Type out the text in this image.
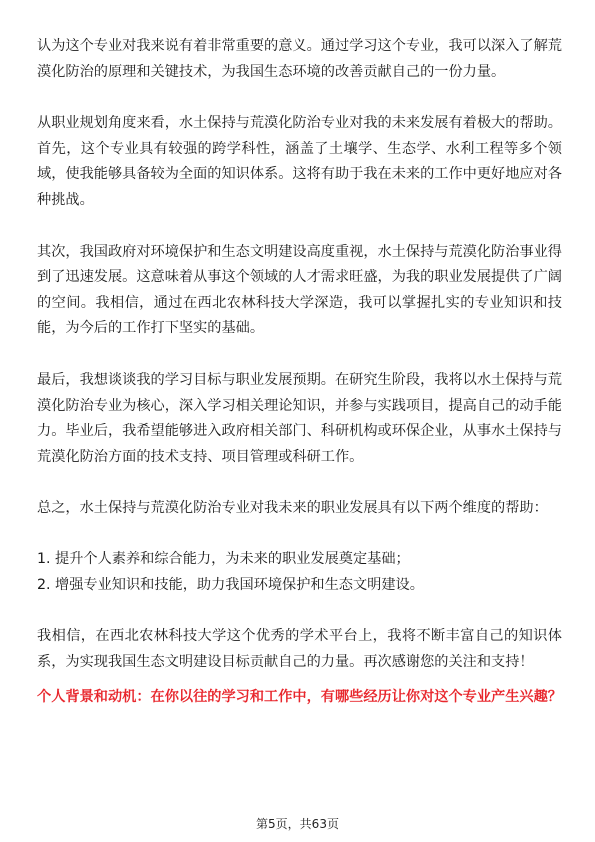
认为这个专业对我来说有着非常重要的意义。通过学习这个专业，我可以深入了解荒漠化防治的原理和关键技术，为我国生态环境的改善贡献自己的一份力量。

从职业规划角度来看，水土保持与荒漠化防治专业对我的未来发展有着极大的帮助。首先，这个专业具有较强的跨学科性，涵盖了土壤学、生态学、水利工程等多个领域，使我能够具备较为全面的知识体系。这将有助于我在未来的工作中更好地应对各种挑战。

其次，我国政府对环境保护和生态文明建设高度重视，水土保持与荒漠化防治事业得到了迅速发展。这意味着从事这个领域的人才需求旺盛，为我的职业发展提供了广阔的空间。我相信，通过在西北农林科技大学深造，我可以掌握扎实的专业知识和技能，为今后的工作打下坚实的基础。

最后，我想谈谈我的学习目标与职业发展预期。在研究生阶段，我将以水土保持与荒漠化防治专业为核心，深入学习相关理论知识，并参与实践项目，提高自己的动手能力。毕业后，我希望能够进入政府相关部门、科研机构或环保企业，从事水土保持与荒漠化防治方面的技术支持、项目管理或科研工作。

总之，水土保持与荒漠化防治专业对我未来的职业发展具有以下两个维度的帮助：

1. 提升个人素养和综合能力，为未来的职业发展奠定基础；

2. 增强专业知识和技能，助力我国环境保护和生态文明建设。

我相信，在西北农林科技大学这个优秀的学术平台上，我将不断丰富自己的知识体系，为实现我国生态文明建设目标贡献自己的力量。再次感谢您的关注和支持！

个人背景和动机：在你以往的学习和工作中，有哪些经历让你对这个专业产生兴趣？

第5页，共63页
